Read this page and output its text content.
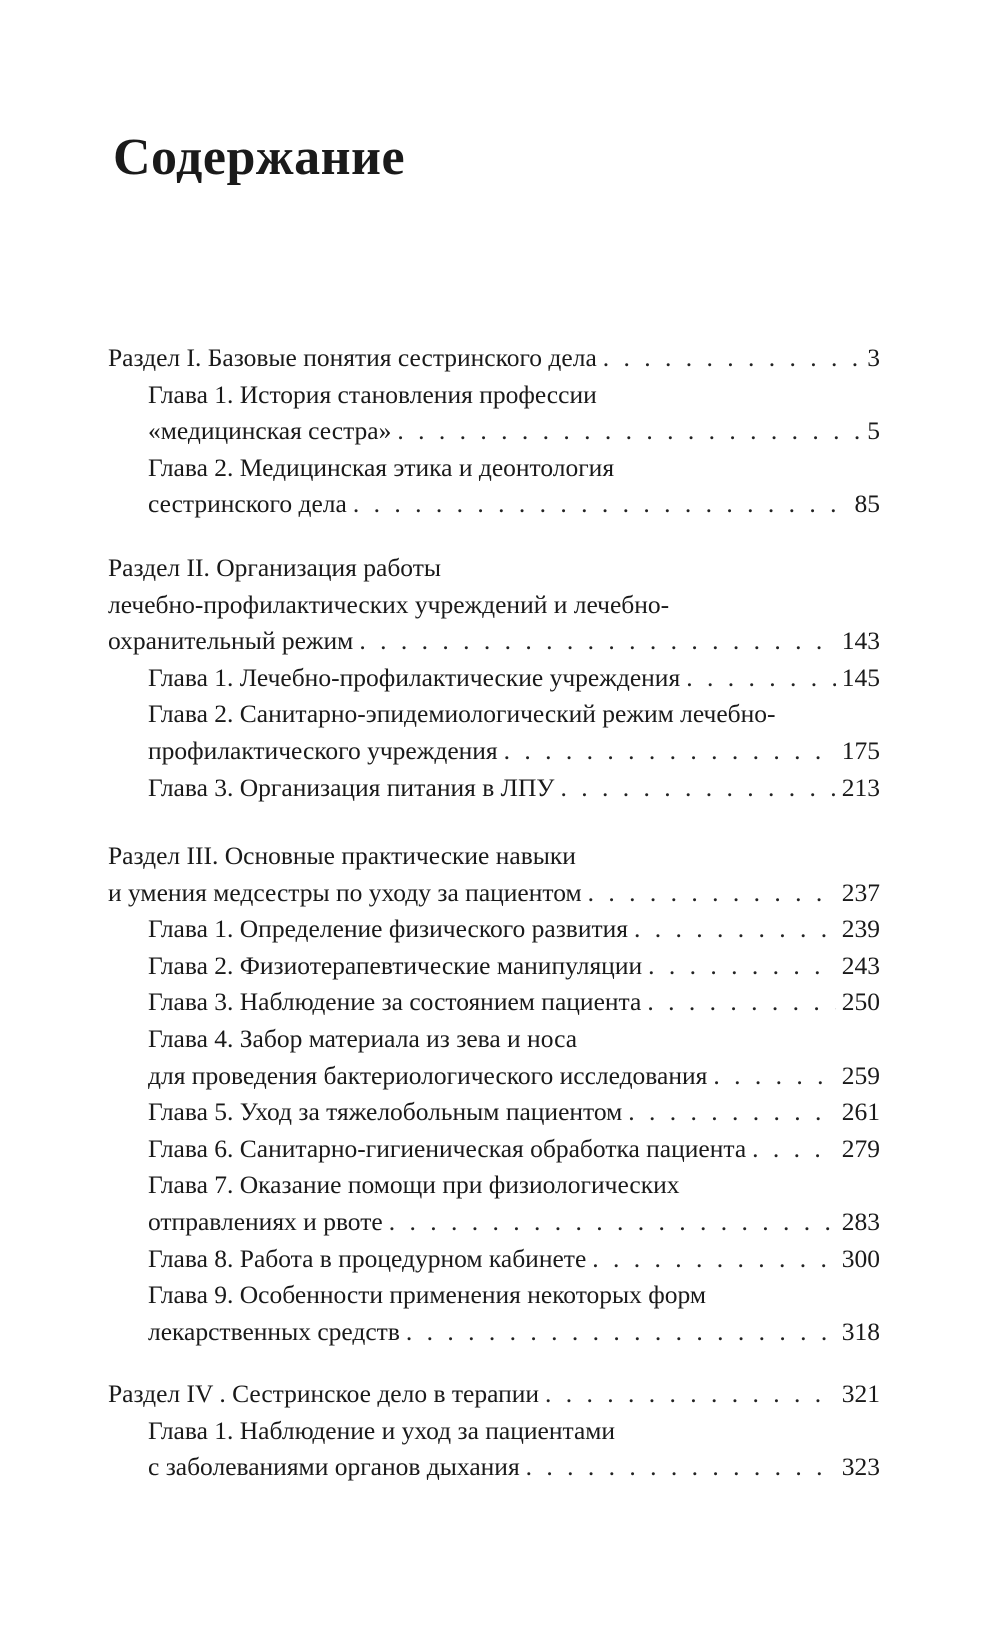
Содержание
Раздел I. Базовые понятия сестринского дела . . .	3
Глава 1. История становления профессии
«медицинская сестра» . . .	5
Глава 2. Медицинская этика и деонтология
сестринского дела . . .	85
Раздел II. Организация работы
лечебно-профилактических учреждений и лечебно-
охранительный режим . . .	143
Глава 1. Лечебно-профилактические учреждения . . .	145
Глава 2. Санитарно-эпидемиологический режим лечебно-
профилактического учреждения . . .	175
Глава 3. Организация питания в ЛПУ . . .	213
Раздел III. Основные практические навыки
и умения медсестры по уходу за пациентом . . .	237
Глава 1. Определение физического развития . . .	239
Глава 2. Физиотерапевтические манипуляции . . .	243
Глава 3. Наблюдение за состоянием пациента . . .	250
Глава 4. Забор материала из зева и носа
для проведения бактериологического исследования . . .	259
Глава 5. Уход за тяжелобольным пациентом . . .	261
Глава 6. Санитарно-гигиеническая обработка пациента . . .	279
Глава 7. Оказание помощи при физиологических
отправлениях и рвоте . . .	283
Глава 8. Работа в процедурном кабинете . . .	300
Глава 9. Особенности применения некоторых форм
лекарственных средств . . .	318
Раздел IV . Сестринское дело в терапии . . .	321
Глава 1. Наблюдение и уход за пациентами
с заболеваниями органов дыхания . . .	323
